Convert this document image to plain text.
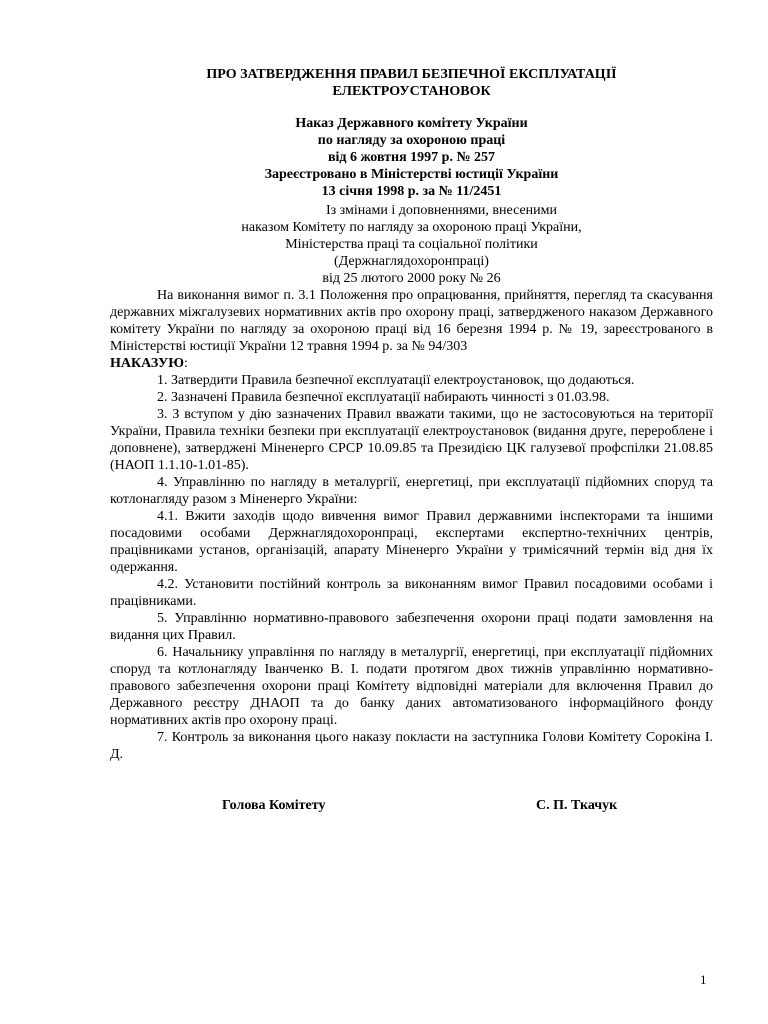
ПРО ЗАТВЕРДЖЕННЯ ПРАВИЛ БЕЗПЕЧНОЇ ЕКСПЛУАТАЦІЇ
ЕЛЕКТРОУСТАНОВОК
Наказ Державного комітету України
по нагляду за охороною праці
від 6 жовтня 1997 р. № 257
Зареєстровано в Міністерстві юстиції України
13 січня 1998 р. за № 11/2451
Із змінами і доповненнями, внесеними
наказом Комітету по нагляду за охороною праці України,
Міністерства праці та соціальної політики
(Держнаглядохоронпраці)
від 25 лютого 2000 року № 26

На виконання вимог п. 3.1 Положення про опрацювання, прийняття, перегляд та скасування державних міжгалузевих нормативних актів про охорону праці, затвердженого наказом Державного комітету України по нагляду за охороною праці від 16 березня 1994 р. № 19, зареєстрованого в Міністерстві юстиції України 12 травня 1994 р. за № 94/303

НАКАЗУЮ:

1. Затвердити Правила безпечної експлуатації електроустановок, що додаються.

2. Зазначені Правила безпечної експлуатації набирають чинності з 01.03.98.

3. З вступом у дію зазначених Правил вважати такими, що не застосовуються на території України, Правила техніки безпеки при експлуатації електроустановок (видання друге, перероблене і доповнене), затверджені Міненерго СРСР 10.09.85 та Президією ЦК галузевої профспілки 21.08.85 (НАОП 1.1.10-1.01-85).

4. Управлінню по нагляду в металургії, енергетиці, при експлуатації підйомних споруд та котлонагляду разом з Міненерго України:

4.1. Вжити заходів щодо вивчення вимог Правил державними інспекторами та іншими посадовими особами Держнаглядохоронпраці, експертами експертно-технічних центрів, працівниками установ, організацій, апарату Міненерго України у тримісячний термін від дня їх одержання.

4.2. Установити постійний контроль за виконанням вимог Правил посадовими особами і працівниками.

5. Управлінню нормативно-правового забезпечення охорони праці подати замовлення на видання цих Правил.

6. Начальнику управління по нагляду в металургії, енергетиці, при експлуатації підйомних споруд та котлонагляду Іванченко В. І. подати протягом двох тижнів управлінню нормативно-правового забезпечення охорони праці Комітету відповідні матеріали для включення Правил до Державного реєстру ДНАОП та до банку даних автоматизованого інформаційного фонду нормативних актів про охорону праці.

7. Контроль за виконання цього наказу покласти на заступника Голови Комітету Сорокіна І. Д.

Голова Комітету	С. П. Ткачук
1
